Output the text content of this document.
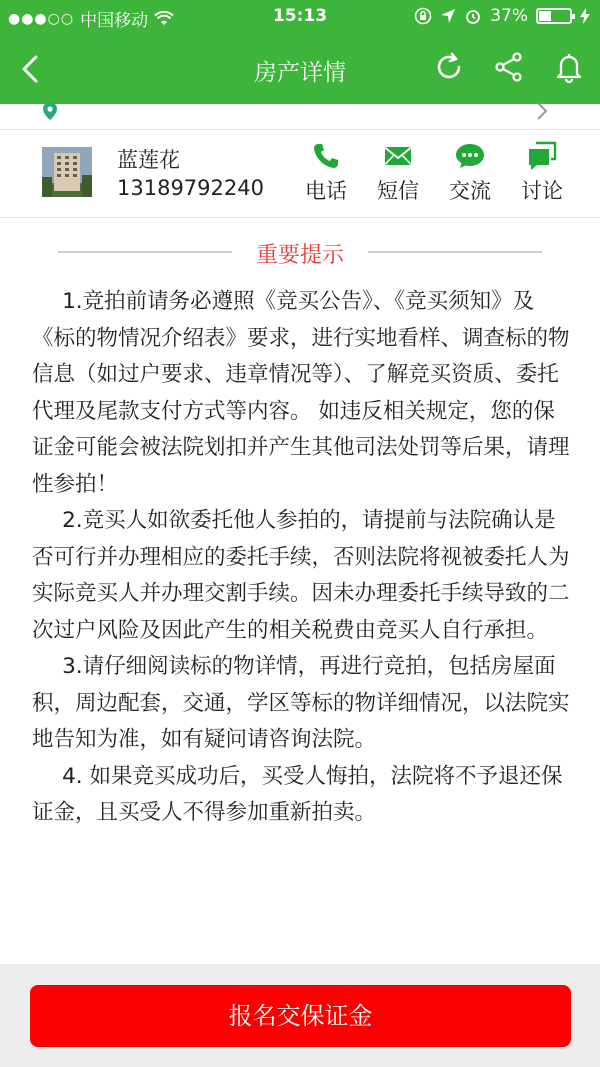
●●●○○ 中国移动	15:13	37%
房产详情
蓝莲花
13189792240	电话	短信	交流	讨论
重要提示

1.竞拍前请务必遵照《竞买公告》、《竞买须知》及《标的物情况介绍表》要求，进行实地看样、调查标的物信息（如过户要求、违章情况等）、了解竞买资质、委托代理及尾款支付方式等内容。 如违反相关规定，您的保证金可能会被法院划扣并产生其他司法处罚等后果，请理性参拍！

2.竞买人如欲委托他人参拍的，请提前与法院确认是否可行并办理相应的委托手续，否则法院将视被委托人为实际竞买人并办理交割手续。因未办理委托手续导致的二次过户风险及因此产生的相关税费由竞买人自行承担。

3.请仔细阅读标的物详情，再进行竞拍，包括房屋面积，周边配套，交通，学区等标的物详细情况，以法院实地告知为准，如有疑问请咨询法院。

4. 如果竞买成功后，买受人悔拍，法院将不予退还保证金，且买受人不得参加重新拍卖。

报名交保证金
